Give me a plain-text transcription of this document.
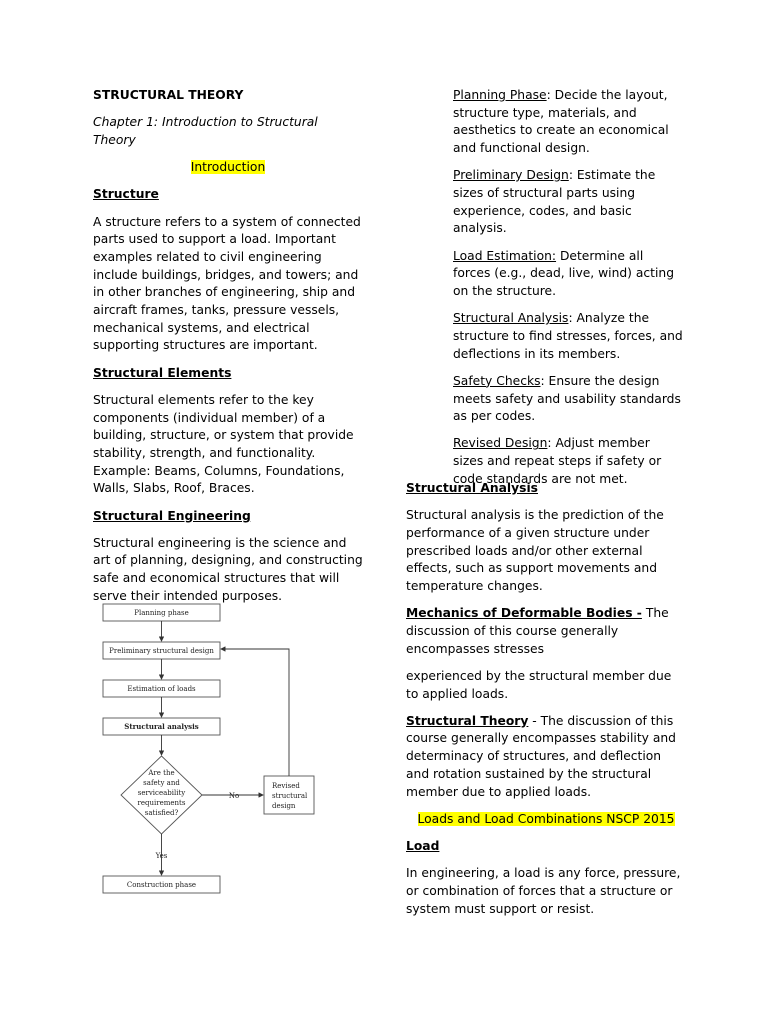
STRUCTURAL THEORY

Chapter 1: Introduction to Structural Theory

Introduction

Structure

A structure refers to a system of connected parts used to support a load. Important examples related to civil engineering include buildings, bridges, and towers; and in other branches of engineering, ship and aircraft frames, tanks, pressure vessels, mechanical systems, and electrical supporting structures are important.

Structural Elements

Structural elements refer to the key components (individual member) of a building, structure, or system that provide stability, strength, and functionality. Example: Beams, Columns, Foundations, Walls, Slabs, Roof, Braces.

Structural Engineering

Structural engineering is the science and art of planning, designing, and constructing safe and economical structures that will serve their intended purposes.

Planning phase
Preliminary structural design
Estimation of loads
Structural analysis
Are the
safety and
serviceability
requirements
satisfied?
No
Yes
Revised
structural
design
Construction phase

Planning Phase: Decide the layout, structure type, materials, and aesthetics to create an economical and functional design.

Preliminary Design: Estimate the sizes of structural parts using experience, codes, and basic analysis.

Load Estimation: Determine all forces (e.g., dead, live, wind) acting on the structure.

Structural Analysis: Analyze the structure to find stresses, forces, and deflections in its members.

Safety Checks: Ensure the design meets safety and usability standards as per codes.

Revised Design: Adjust member sizes and repeat steps if safety or code standards are not met.

Structural Analysis

Structural analysis is the prediction of the performance of a given structure under prescribed loads and/or other external effects, such as support movements and temperature changes.

Mechanics of Deformable Bodies - The discussion of this course generally encompasses stresses

experienced by the structural member due to applied loads.

Structural Theory - The discussion of this course generally encompasses stability and determinacy of structures, and deflection and rotation sustained by the structural member due to applied loads.

Loads and Load Combinations NSCP 2015

Load

In engineering, a load is any force, pressure, or combination of forces that a structure or system must support or resist.
